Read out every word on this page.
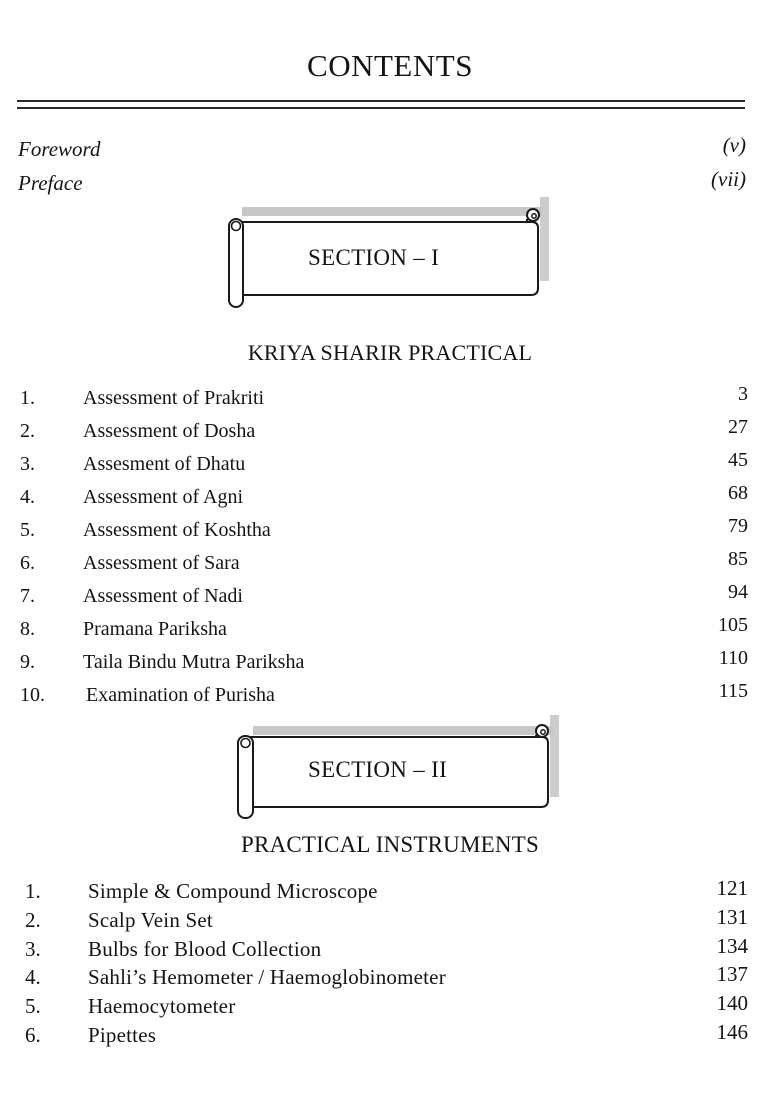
CONTENTS
Foreword	(v)
Preface	(vii)
SECTION – I
KRIYA SHARIR PRACTICAL
1. Assessment of Prakriti	3
2. Assessment of Dosha	27
3. Assesment of Dhatu	45
4. Assessment of Agni	68
5. Assessment of Koshtha	79
6. Assessment of Sara	85
7. Assessment of Nadi	94
8. Pramana Pariksha	105
9. Taila Bindu Mutra Pariksha	110
10. Examination of Purisha	115
SECTION – II
PRACTICAL INSTRUMENTS
1. Simple & Compound Microscope	121
2. Scalp Vein Set	131
3. Bulbs for Blood Collection	134
4. Sahli’s Hemometer / Haemoglobinometer	137
5. Haemocytometer	140
6. Pipettes	146
